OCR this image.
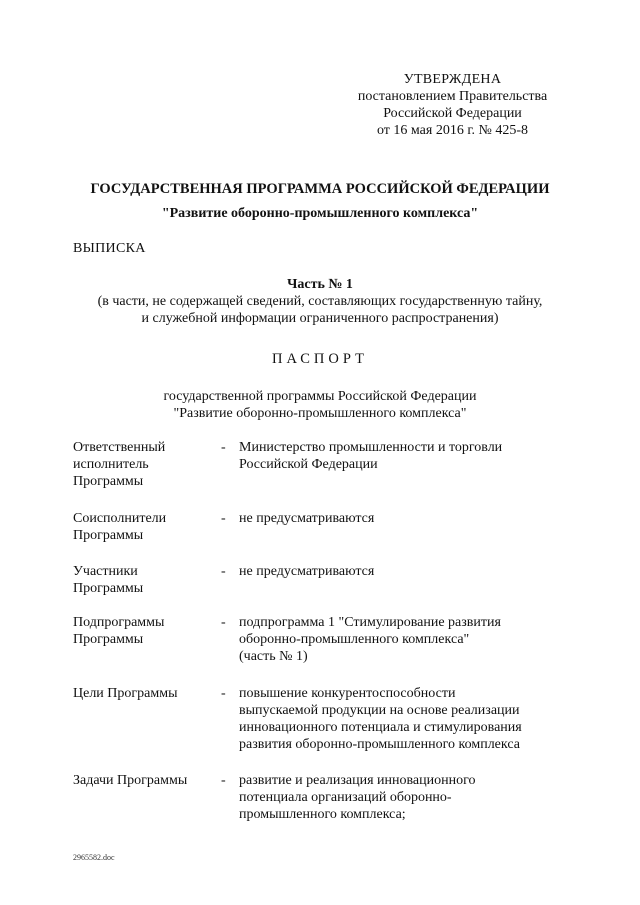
УТВЕРЖДЕНА
постановлением Правительства
Российской Федерации
от 16 мая 2016 г. № 425-8
ГОСУДАРСТВЕННАЯ ПРОГРАММА РОССИЙСКОЙ ФЕДЕРАЦИИ
"Развитие оборонно-промышленного комплекса"
ВЫПИСКА
Часть № 1
(в части, не содержащей сведений, составляющих государственную тайну,
и служебной информации ограниченного распространения)
ПАСПОРТ
государственной программы Российской Федерации
"Развитие оборонно-промышленного комплекса"
Ответственный
исполнитель
Программы
- Министерство промышленности и торговли
Российской Федерации
Соисполнители
Программы
- не предусматриваются
Участники
Программы
- не предусматриваются
Подпрограммы
Программы
- подпрограмма 1 "Стимулирование развития
оборонно-промышленного комплекса"
(часть № 1)
Цели Программы	- повышение конкурентоспособности
выпускаемой продукции на основе реализации
инновационного потенциала и стимулирования
развития оборонно-промышленного комплекса
Задачи Программы	- развитие и реализация инновационного
потенциала организаций оборонно-
промышленного комплекса;
2965582.doc
